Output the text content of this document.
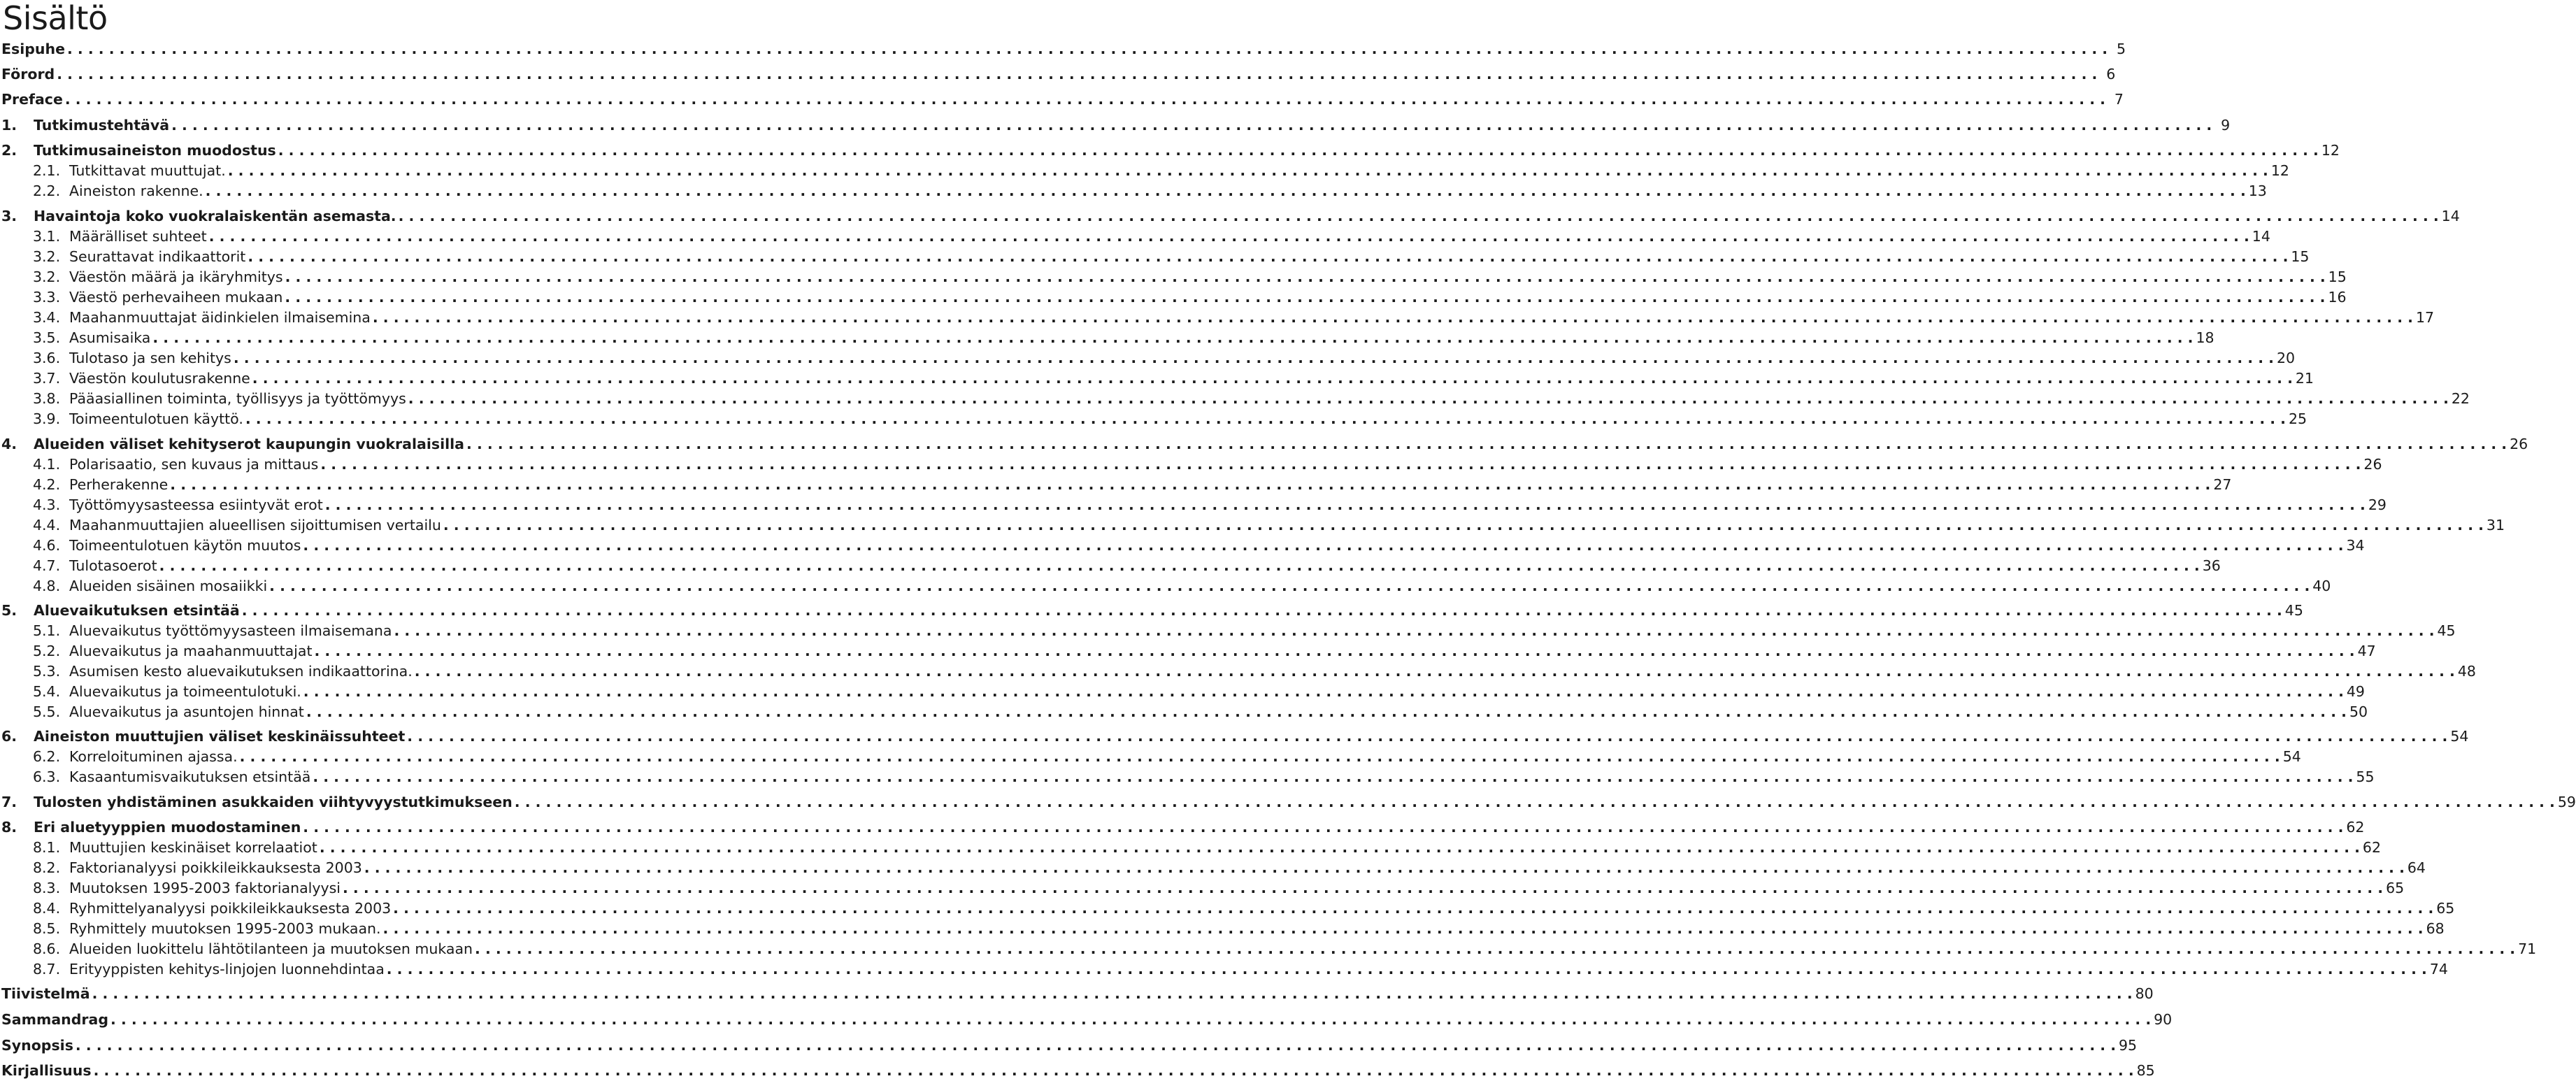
Sisältö
Esipuhe . . .	5
Förord . . .	6
Preface . . .	7
1.	Tutkimustehtävä . . .	9
2.	Tutkimusaineiston muodostus . . .	12
2.1. Tutkittavat muuttujat. . . .	12
2.2. Aineiston rakenne. . . .	13
3.	Havaintoja koko vuokralaiskentän asemasta. . . .	14
3.1. Määrälliset suhteet . . .	14
3.2. Seurattavat indikaattorit . . .	15
3.2. Väestön määrä ja ikäryhmitys . . .	15
3.3. Väestö perhevaiheen mukaan . . .	16
3.4. Maahanmuuttajat äidinkielen ilmaisemina . . .	17
3.5. Asumisaika . . .	18
3.6. Tulotaso ja sen kehitys . . .	20
3.7. Väestön koulutusrakenne . . .	21
3.8. Pääasiallinen toiminta, työllisyys ja työttömyys . . .	22
3.9. Toimeentulotuen käyttö. . . .	25
4.	Alueiden väliset kehityserot kaupungin vuokralaisilla . . .	26
4.1. Polarisaatio, sen kuvaus ja mittaus . . .	26
4.2. Perherakenne . . .	27
4.3. Työttömyysasteessa esiintyvät erot . . .	29
4.4. Maahanmuuttajien alueellisen sijoittumisen vertailu . . .	31
4.6. Toimeentulotuen käytön muutos . . .	34
4.7. Tulotasoerot . . .	36
4.8. Alueiden sisäinen mosaiikki . . .	40
5.	Aluevaikutuksen etsintää . . .	45
5.1. Aluevaikutus työttömyysasteen ilmaisemana . . .	45
5.2. Aluevaikutus ja maahanmuuttajat . . .	47
5.3. Asumisen kesto aluevaikutuksen indikaattorina. . . .	48
5.4. Aluevaikutus ja toimeentulotuki. . . .	49
5.5. Aluevaikutus ja asuntojen hinnat . . .	50
6.	Aineiston muuttujien väliset keskinäissuhteet . . .	54
6.2. Korreloituminen ajassa. . . .	54
6.3. Kasaantumisvaikutuksen etsintää . . .	55
7.	Tulosten yhdistäminen asukkaiden viihtyvyystutkimukseen . . .	59
8.	Eri aluetyyppien muodostaminen . . .	62
8.1. Muuttujien keskinäiset korrelaatiot . . .	62
8.2. Faktorianalyysi poikkileikkauksesta 2003 . . .	64
8.3. Muutoksen 1995-2003 faktorianalyysi . . .	65
8.4. Ryhmittelyanalyysi poikkileikkauksesta 2003 . . .	65
8.5. Ryhmittely muutoksen 1995-2003 mukaan. . . .	68
8.6. Alueiden luokittelu lähtötilanteen ja muutoksen mukaan . . .	71
8.7. Erityyppisten kehitys-linjojen luonnehdintaa . . .	74
Tiivistelmä . . .	80
Sammandrag . . .	90
Synopsis . . .	95
Kirjallisuus . . .	85
